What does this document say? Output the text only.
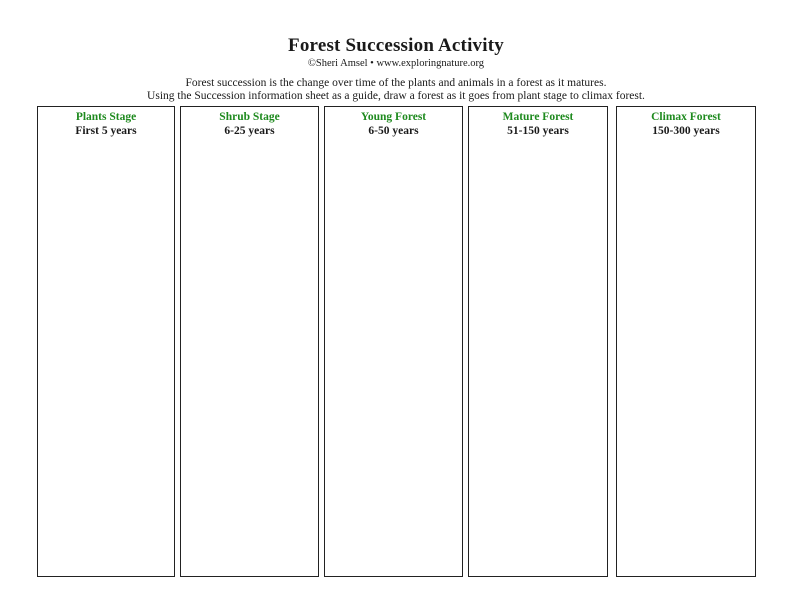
Forest Succession Activity
©Sheri Amsel • www.exploringnature.org
Forest succession is the change over time of the plants and animals in a forest as it matures.
Using the Succession information sheet as a guide, draw a forest as it goes from plant stage to climax forest.
Plants Stage
First 5 years
Shrub Stage
6-25 years
Young Forest
6-50 years
Mature Forest
51-150 years
Climax Forest
150-300 years
